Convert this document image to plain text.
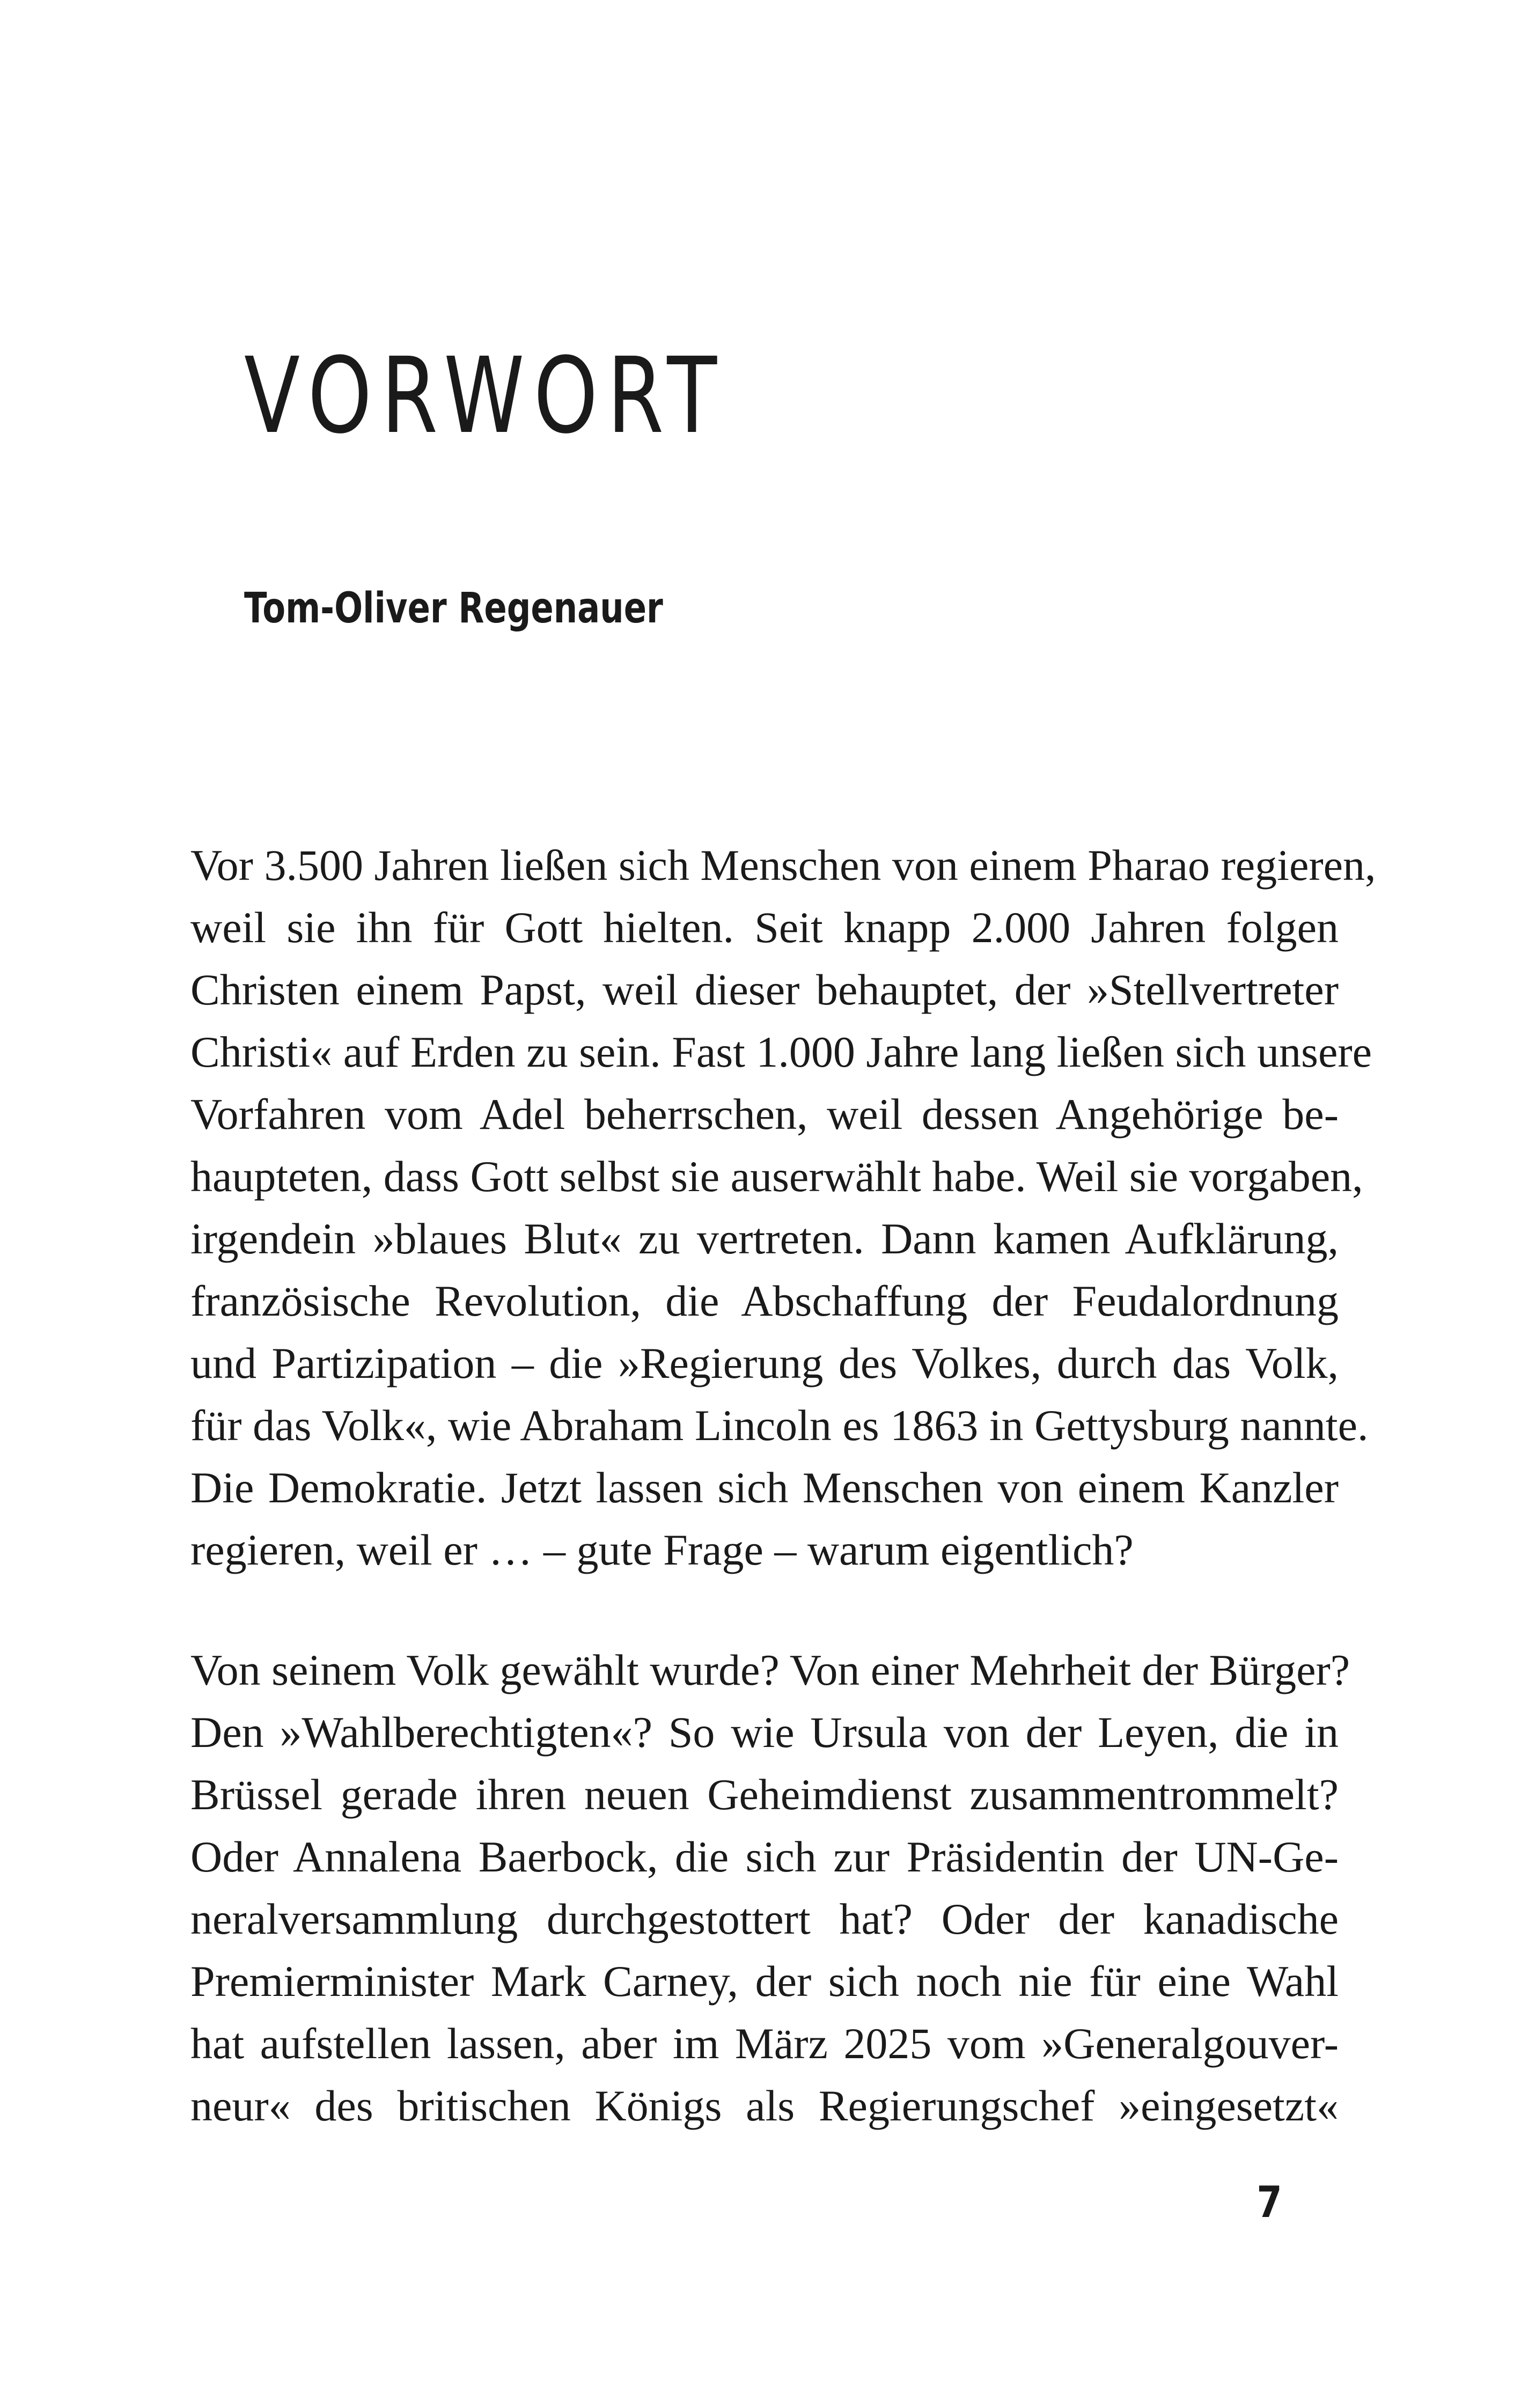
VORWORT

Tom-Oliver Regenauer

Vor 3.500 Jahren ließen sich Menschen von einem Pharao regieren,
weil sie ihn für Gott hielten. Seit knapp 2.000 Jahren folgen
Christen einem Papst, weil dieser behauptet, der »Stellvertreter
Christi« auf Erden zu sein. Fast 1.000 Jahre lang ließen sich unsere
Vorfahren vom Adel beherrschen, weil dessen Angehörige be-
haupteten, dass Gott selbst sie auserwählt habe. Weil sie vorgaben,
irgendein »blaues Blut« zu vertreten. Dann kamen Aufklärung,
französische Revolution, die Abschaffung der Feudalordnung
und Partizipation – die »Regierung des Volkes, durch das Volk,
für das Volk«, wie Abraham Lincoln es 1863 in Gettysburg nannte.
Die Demokratie. Jetzt lassen sich Menschen von einem Kanzler
regieren, weil er … – gute Frage – warum eigentlich?
Von seinem Volk gewählt wurde? Von einer Mehrheit der Bürger?
Den »Wahlberechtigten«? So wie Ursula von der Leyen, die in
Brüssel gerade ihren neuen Geheimdienst zusammentrommelt?
Oder Annalena Baerbock, die sich zur Präsidentin der UN-Ge-
neralversammlung durchgestottert hat? Oder der kanadische
Premierminister Mark Carney, der sich noch nie für eine Wahl
hat aufstellen lassen, aber im März 2025 vom »Generalgouver-
neur« des britischen Königs als Regierungschef »eingesetzt«

7
